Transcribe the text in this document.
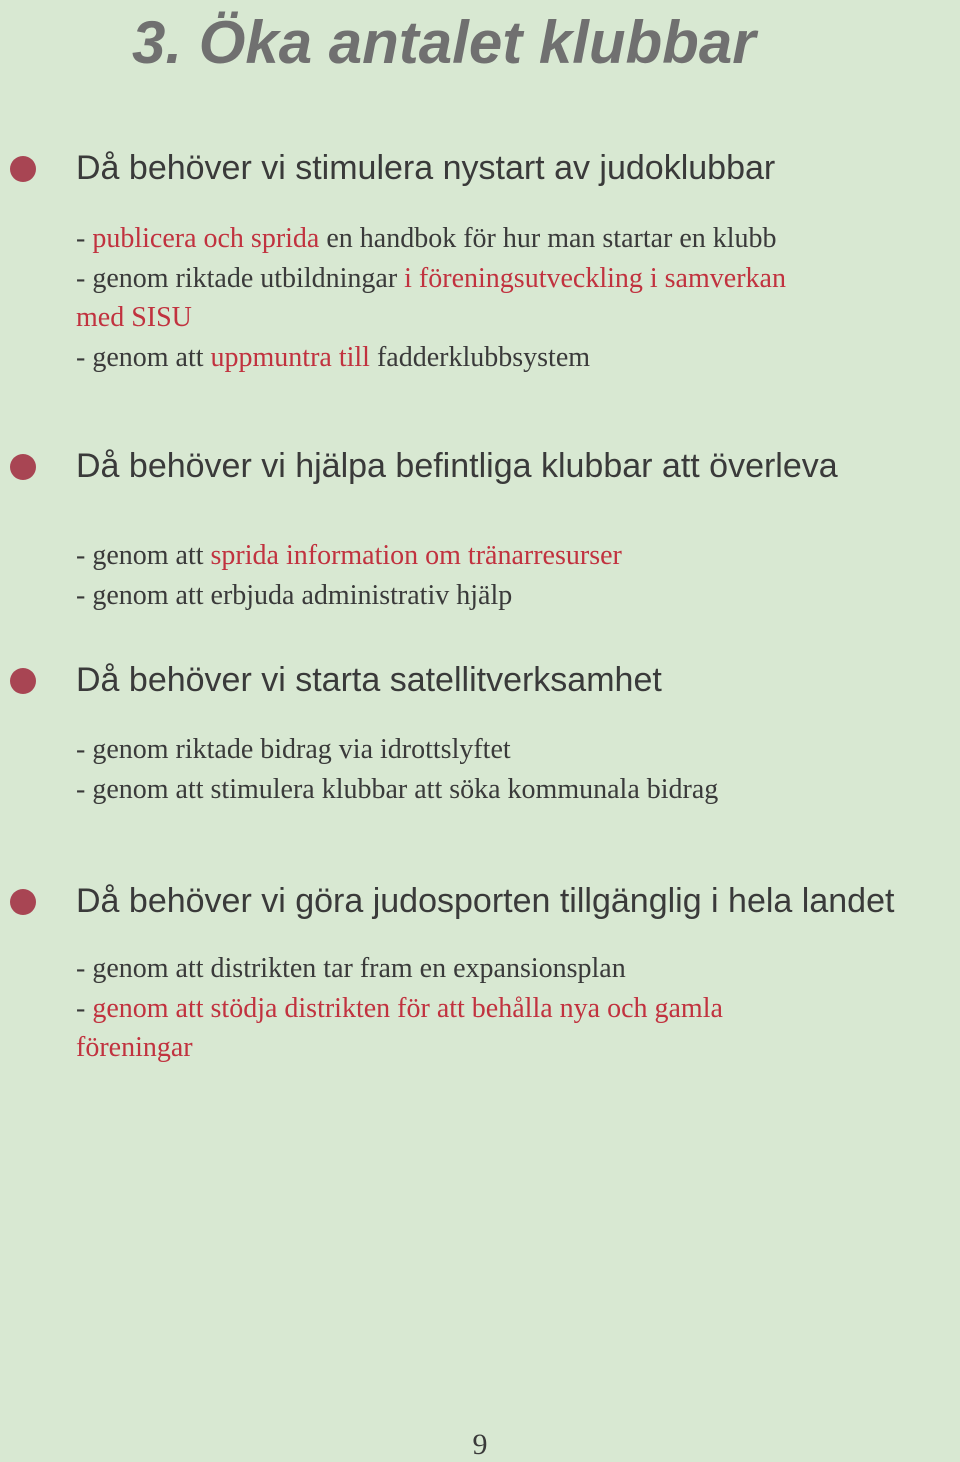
3. Öka antalet klubbar
Då behöver vi stimulera nystart av judoklubbar
- publicera och sprida en handbok för hur man startar en klubb
- genom riktade utbildningar i föreningsutveckling i samverkan
med SISU
- genom att uppmuntra till fadderklubbsystem
Då behöver vi hjälpa befintliga klubbar att överleva
- genom att sprida information om tränarresurser
- genom att erbjuda administrativ hjälp
Då behöver vi starta satellitverksamhet
- genom riktade bidrag via idrottslyftet
- genom att stimulera klubbar att söka kommunala bidrag
Då behöver vi göra judosporten tillgänglig i hela landet
- genom att distrikten tar fram en expansionsplan
- genom att stödja distrikten för att behålla nya och gamla
föreningar
9
